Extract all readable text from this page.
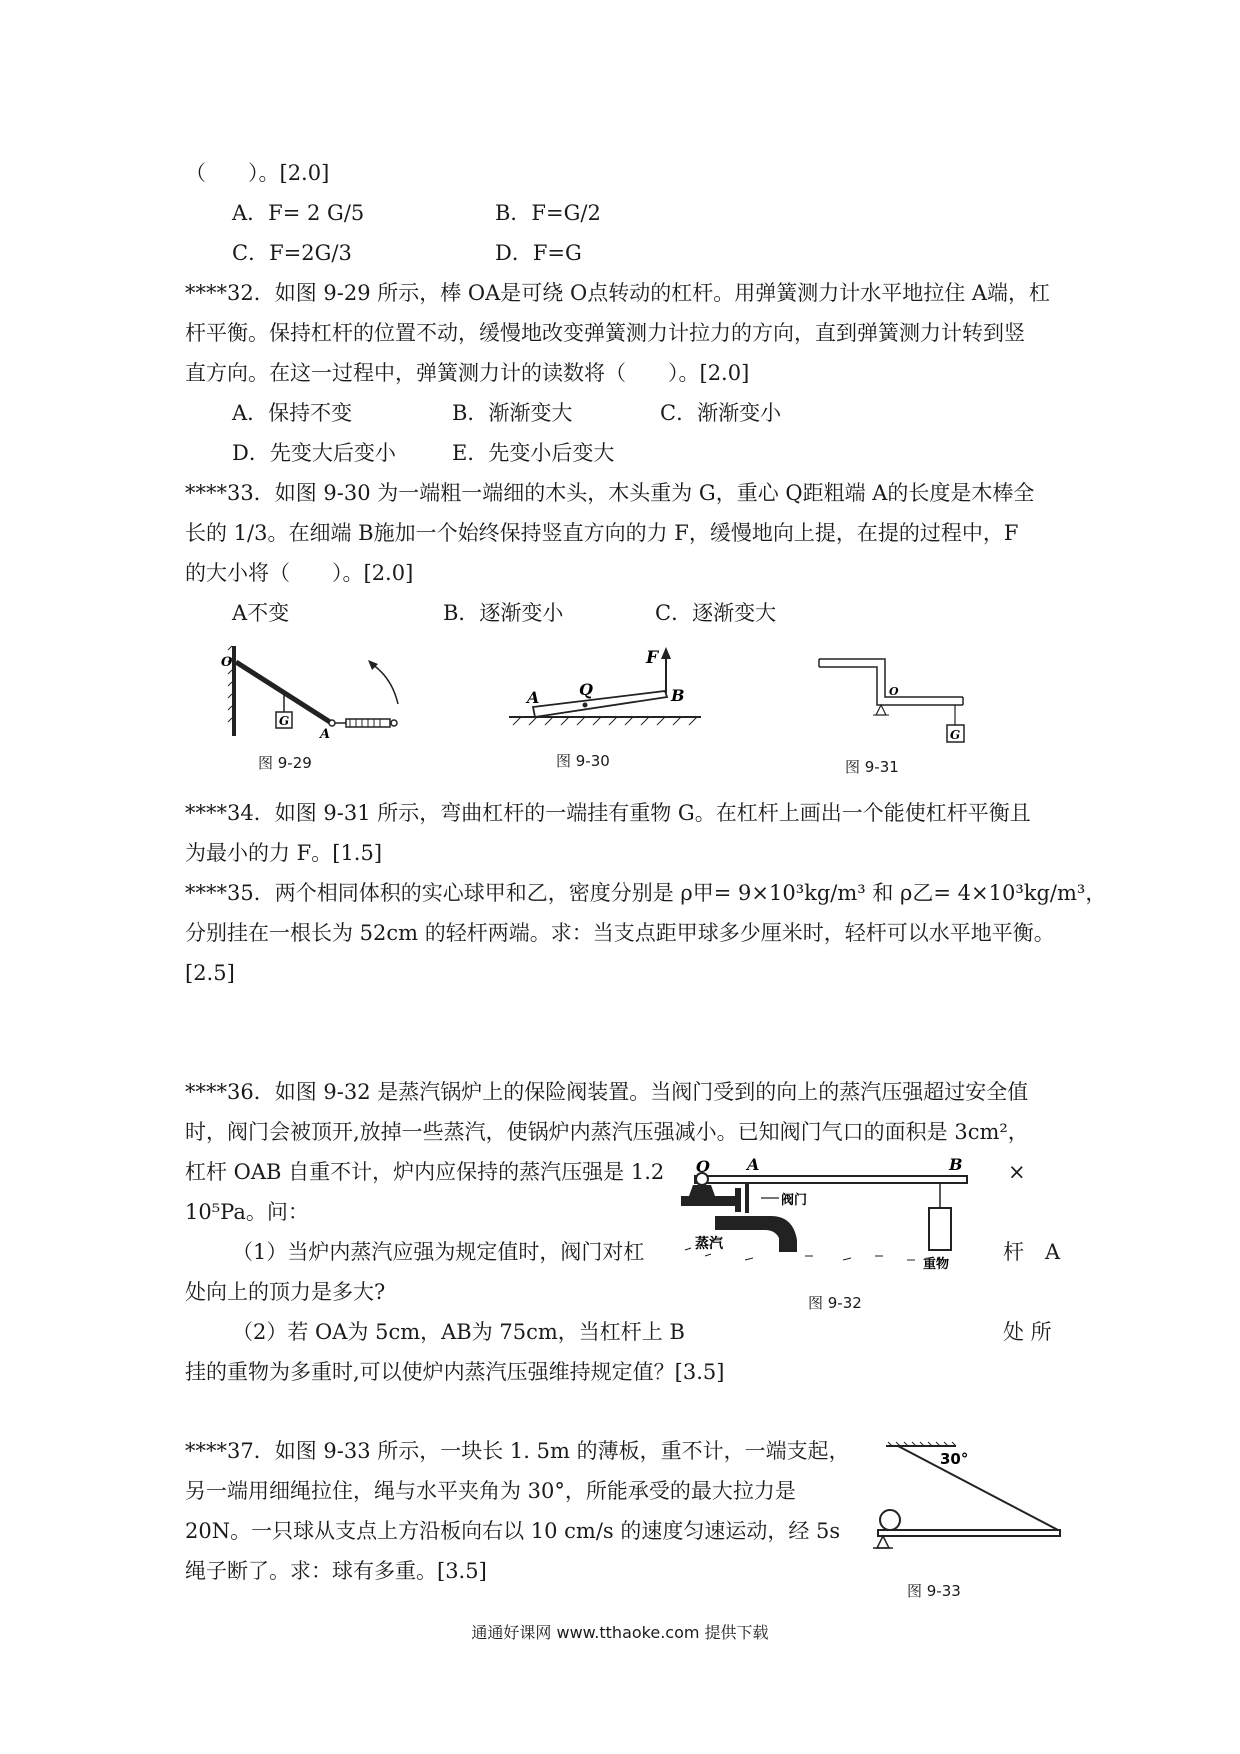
（　　）。[2.0]
A．F= 2 G/5	B．F=G/2
C．F=2G/3	D．F=G
****32．如图 9-29 所示，棒 OA是可绕 O点转动的杠杆。用弹簧测力计水平地拉住 A端，杠
杆平衡。保持杠杆的位置不动，缓慢地改变弹簧测力计拉力的方向，直到弹簧测力计转到竖
直方向。在这一过程中，弹簧测力计的读数将（　　）。[2.0]
A．保持不变	B．渐渐变大	C．渐渐变小
D．先变大后变小	E．先变小后变大
****33．如图 9-30 为一端粗一端细的木头，木头重为 G，重心 Q距粗端 A的长度是木棒全
长的 1/3。在细端 B施加一个始终保持竖直方向的力 F，缓慢地向上提，在提的过程中，F
的大小将（　　）。[2.0]
A不变	B．逐渐变小	C．逐渐变大
O
G
A
图 9-29
A Q
F
B
图 9-30
O
G
图 9-31
****34．如图 9-31 所示，弯曲杠杆的一端挂有重物 G。在杠杆上画出一个能使杠杆平衡且
为最小的力 F。[1.5]
****35．两个相同体积的实心球甲和乙，密度分别是 ρ甲= 9×10³kg/m³ 和 ρ乙= 4×10³kg/m³，
分别挂在一根长为 52cm 的轻杆两端。求：当支点距甲球多少厘米时，轻杆可以水平地平衡。
[2.5]
****36．如图 9-32 是蒸汽锅炉上的保险阀装置。当阀门受到的向上的蒸汽压强超过安全值
时，阀门会被顶开,放掉一些蒸汽，使锅炉内蒸汽压强减小。已知阀门气口的面积是 3cm²，
杠杆 OAB 自重不计，炉内应保持的蒸汽压强是 1.2	×
10⁵Pa。问：
（1）当炉内蒸汽应强为规定值时，阀门对杠	杆　A
处向上的顶力是多大?
（2）若 OA为 5cm，AB为 75cm，当杠杆上 B	处 所
挂的重物为多重时,可以使炉内蒸汽压强维持规定值？[3.5]
O A	B
阀门
蒸汽
重物
图 9-32
****37．如图 9-33 所示，一块长 1. 5m 的薄板，重不计，一端支起，
另一端用细绳拉住，绳与水平夹角为 30°，所能承受的最大拉力是
20N。一只球从支点上方沿板向右以 10 cm/s 的速度匀速运动，经 5s
绳子断了。求：球有多重。[3.5]
30°
图 9-33
通通好课网 www.tthaoke.com 提供下载
